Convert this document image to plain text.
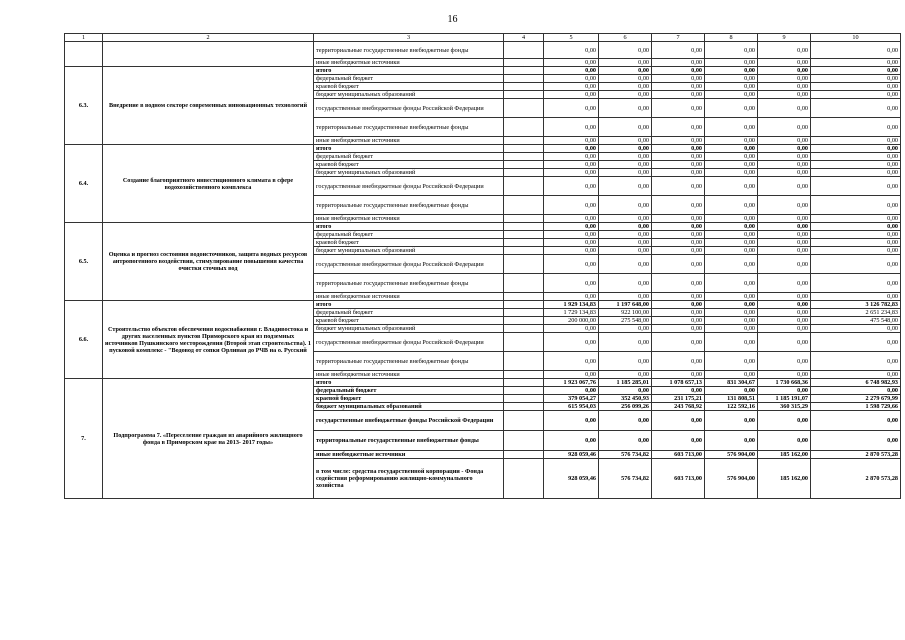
16
1	2	3	4	5	6	7	8	9	10
		территориальные государственные внебюджетные фонды		0,00	0,00	0,00	0,00	0,00	0,00
		иные внебюджетные источники		0,00	0,00	0,00	0,00	0,00	0,00
6.3.	Внедрение в водном секторе современных инновационных технологий	итого		0,00	0,00	0,00	0,00	0,00	0,00
		федеральный бюджет		0,00	0,00	0,00	0,00	0,00	0,00
		краевой бюджет		0,00	0,00	0,00	0,00	0,00	0,00
		бюджет муниципальных образований		0,00	0,00	0,00	0,00	0,00	0,00
		государственные внебюджетные фонды Российской Федерации		0,00	0,00	0,00	0,00	0,00	0,00
		территориальные государственные внебюджетные фонды		0,00	0,00	0,00	0,00	0,00	0,00
		иные внебюджетные источники		0,00	0,00	0,00	0,00	0,00	0,00
6.4.	Создание благоприятного инвестиционного климата в сфере водохозяйственного комплекса	итого		0,00	0,00	0,00	0,00	0,00	0,00
		федеральный бюджет		0,00	0,00	0,00	0,00	0,00	0,00
		краевой бюджет		0,00	0,00	0,00	0,00	0,00	0,00
		бюджет муниципальных образований		0,00	0,00	0,00	0,00	0,00	0,00
		государственные внебюджетные фонды Российской Федерации		0,00	0,00	0,00	0,00	0,00	0,00
		территориальные государственные внебюджетные фонды		0,00	0,00	0,00	0,00	0,00	0,00
		иные внебюджетные источники		0,00	0,00	0,00	0,00	0,00	0,00
6.5.	Оценка и прогноз состояния водоисточников, защита водных ресурсов антропогенного воздействия, стимулирование повышения качества очистки сточных вод	итого		0,00	0,00	0,00	0,00	0,00	0,00
		федеральный бюджет		0,00	0,00	0,00	0,00	0,00	0,00
		краевой бюджет		0,00	0,00	0,00	0,00	0,00	0,00
		бюджет муниципальных образований		0,00	0,00	0,00	0,00	0,00	0,00
		государственные внебюджетные фонды Российской Федерации		0,00	0,00	0,00	0,00	0,00	0,00
		территориальные государственные внебюджетные фонды		0,00	0,00	0,00	0,00	0,00	0,00
		иные внебюджетные источники		0,00	0,00	0,00	0,00	0,00	0,00
6.6.	Строительство объектов обеспечения водоснабжения г. Владивостока и других населенных пунктов Приморского края из подземных источников Пушкинского месторождения (Второй этап строительства). 1 пусковой комплекс - "Водовод от сопки Орлиная до РЧВ на о. Русский	итого		1 929 134,83	1 197 648,00	0,00	0,00	0,00	3 126 782,83
		федеральный бюджет		1 729 134,83	922 100,00	0,00	0,00	0,00	2 651 234,83
		краевой бюджет		200 000,00	275 548,00	0,00	0,00	0,00	475 548,00
		бюджет муниципальных образований		0,00	0,00	0,00	0,00	0,00	0,00
		государственные внебюджетные фонды Российской Федерации		0,00	0,00	0,00	0,00	0,00	0,00
		территориальные государственные внебюджетные фонды		0,00	0,00	0,00	0,00	0,00	0,00
		иные внебюджетные источники		0,00	0,00	0,00	0,00	0,00	0,00
7.	Подпрограмма 7. «Переселение граждан из аварийного жилищного фонда в Приморском крае на 2013- 2017 годы»	итого		1 923 067,76	1 185 285,01	1 078 657,13	831 304,67	1 730 668,36	6 748 982,93
		федеральный бюджет		0,00	0,00	0,00	0,00	0,00	0,00
		краевой бюджет		379 054,27	352 450,93	231 175,21	131 808,51	1 185 191,07	2 279 679,99
		бюджет муниципальных образований		615 954,03	256 099,26	243 768,92	122 592,16	360 315,29	1 598 729,66
		государственные внебюджетные фонды Российской Федерации		0,00	0,00	0,00	0,00	0,00	0,00
		территориальные государственные внебюджетные фонды		0,00	0,00	0,00	0,00	0,00	0,00
		иные внебюджетные источники		928 059,46	576 734,82	603 713,00	576 904,00	185 162,00	2 870 573,28
		в том числе: средства государственной корпорации - Фонда содействия реформированию жилищно-коммунального хозяйства		928 059,46	576 734,82	603 713,00	576 904,00	185 162,00	2 870 573,28
